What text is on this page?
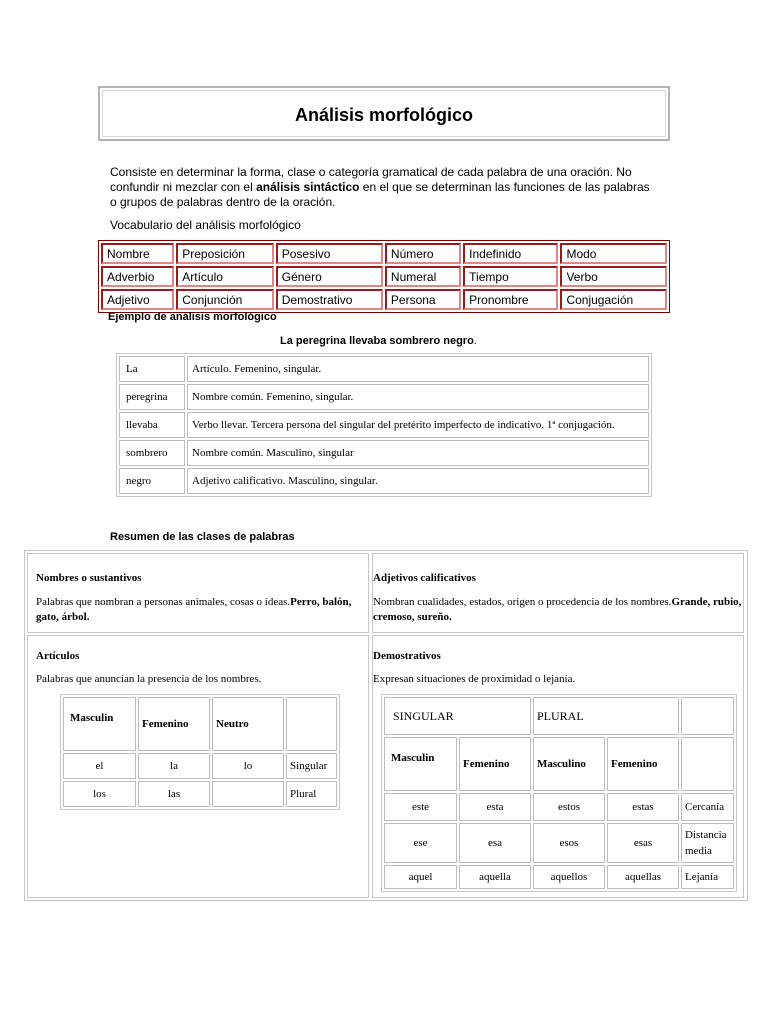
Análisis morfológico

Consiste en determinar la forma, clase o categoría gramatical de cada palabra de una oración. No confundir ni mezclar con el análisis sintáctico en el que se determinan las funciones de las palabras o grupos de palabras dentro de la oración.

Vocabulario del análisis morfológico
Nombre	Preposición	Posesivo	Número	Indefinido	Modo
Adverbio	Artículo	Género	Numeral	Tiempo	Verbo
Adjetivo	Conjunción	Demostrativo	Persona	Pronombre	Conjugación
Ejemplo de análisis morfológico
La peregrina llevaba sombrero negro.
La	Artículo. Femenino, singular.
peregrina	Nombre común. Femenino, singular.
llevaba	Verbo llevar. Tercera persona del singular del pretérito imperfecto de indicativo. 1ª conjugación.
sombrero	Nombre común. Masculino, singular
negro	Adjetivo calificativo. Masculino, singular.
Resumen de las clases de palabras
Nombres o sustantivos
Palabras que nombran a personas animales, cosas o ideas.Perro, balón, gato, árbol.
Adjetivos calificativos
Nombran cualidades, estados, origen o procedencia de los nombres.Grande, rubio, cremoso, sureño.
Artículos
Palabras que anuncian la presencia de los nombres.
Masculin	Femenino	Neutro	
el	la	lo	Singular
los	las		Plural
Demostrativos
Expresan situaciones de proximidad o lejanía.
SINGULAR		PLURAL		
Masculin	Femenino	Masculino	Femenino	
este	esta	estos	estas	Cercanía
ese	esa	esos	esas	Distancia media
aquel	aquella	aquellos	aquellas	Lejanía
